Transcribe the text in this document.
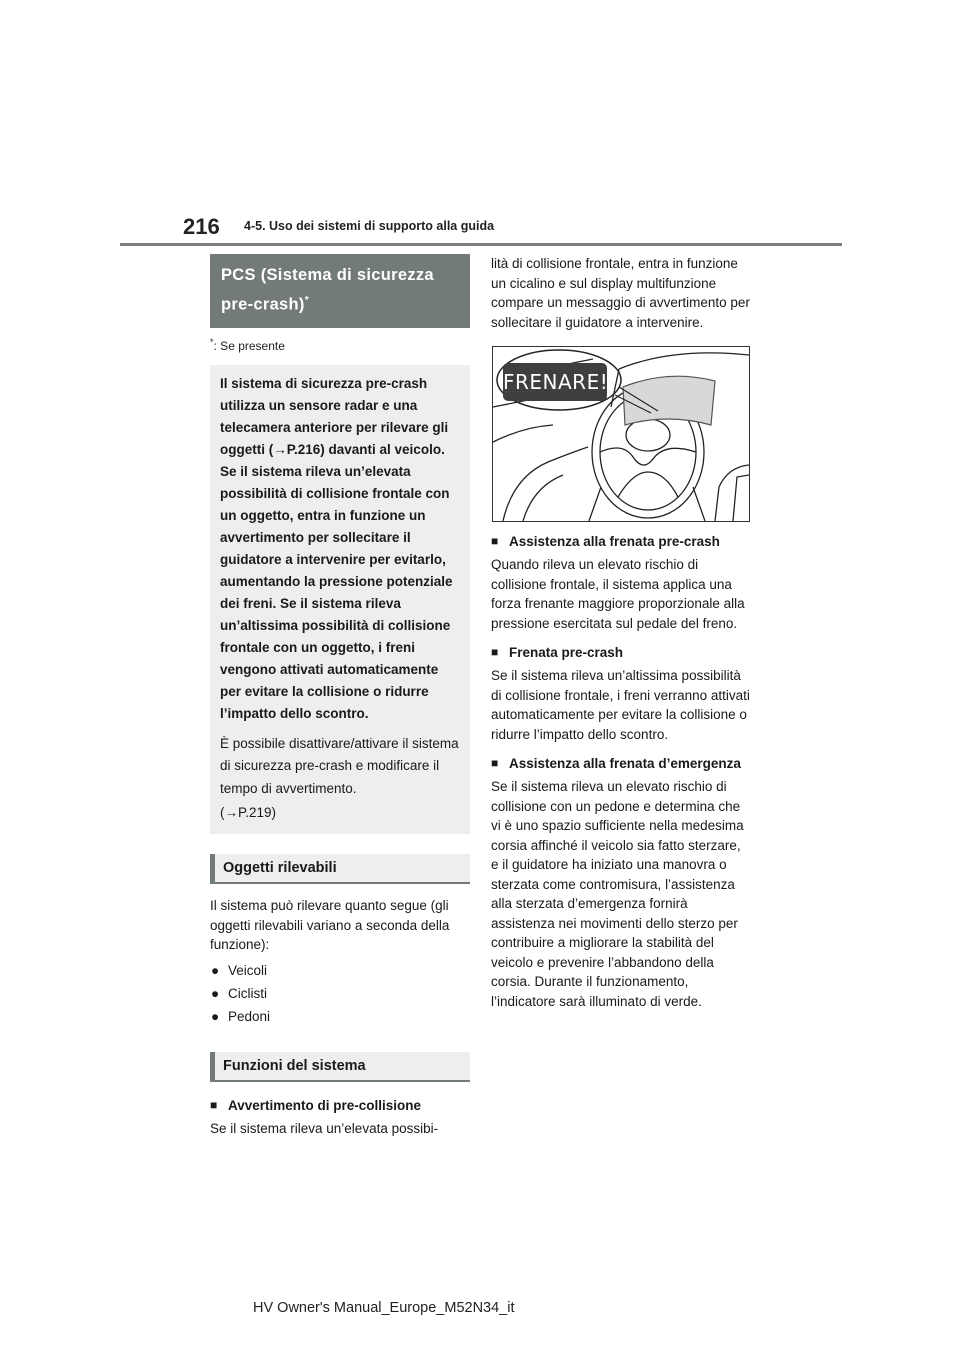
216 4-5. Uso dei sistemi di supporto alla guida
PCS (Sistema di sicurezza
pre-crash)*
*: Se presente

Il sistema di sicurezza pre-crash utilizza un sensore radar e una telecamera anteriore per rilevare gli oggetti (→P.216) davanti al veicolo. Se il sistema rileva un’elevata possibilità di collisione frontale con un oggetto, entra in funzione un avvertimento per sollecitare il guidatore a intervenire per evitarlo, aumentando la pressione potenziale dei freni. Se il sistema rileva un’altissima possibilità di collisione frontale con un oggetto, i freni vengono attivati automaticamente per evitare la collisione o ridurre l’impatto dello scontro.

È possibile disattivare/attivare il sistema di sicurezza pre-crash e modificare il tempo di avvertimento.

(→P.219)

Oggetti rilevabili

Il sistema può rilevare quanto segue (gli oggetti rilevabili variano a seconda della funzione):

● Veicoli
● Ciclisti
● Pedoni
Funzioni del sistema
■ Avvertimento di pre-collisione

Se il sistema rileva un’elevata possibi-

lità di collisione frontale, entra in funzione un cicalino e sul display multifunzione compare un messaggio di avvertimento per sollecitare il guidatore a intervenire.

FRENARE!
■ Assistenza alla frenata pre-crash

Quando rileva un elevato rischio di collisione frontale, il sistema applica una forza frenante maggiore proporzionale alla pressione esercitata sul pedale del freno.

■ Frenata pre-crash

Se il sistema rileva un’altissima possibilità di collisione frontale, i freni verranno attivati automaticamente per evitare la collisione o ridurre l’impatto dello scontro.

■ Assistenza alla frenata d’emergenza

Se il sistema rileva un elevato rischio di collisione con un pedone e determina che vi è uno spazio sufficiente nella medesima corsia affinché il veicolo sia fatto sterzare, e il guidatore ha iniziato una manovra o sterzata come contromisura, l’assistenza alla sterzata d’emergenza fornirà assistenza nei movimenti dello sterzo per contribuire a migliorare la stabilità del veicolo e prevenire l’abbandono della corsia. Durante il funzionamento, l’indicatore sarà illuminato di verde.

HV Owner's Manual_Europe_M52N34_it
